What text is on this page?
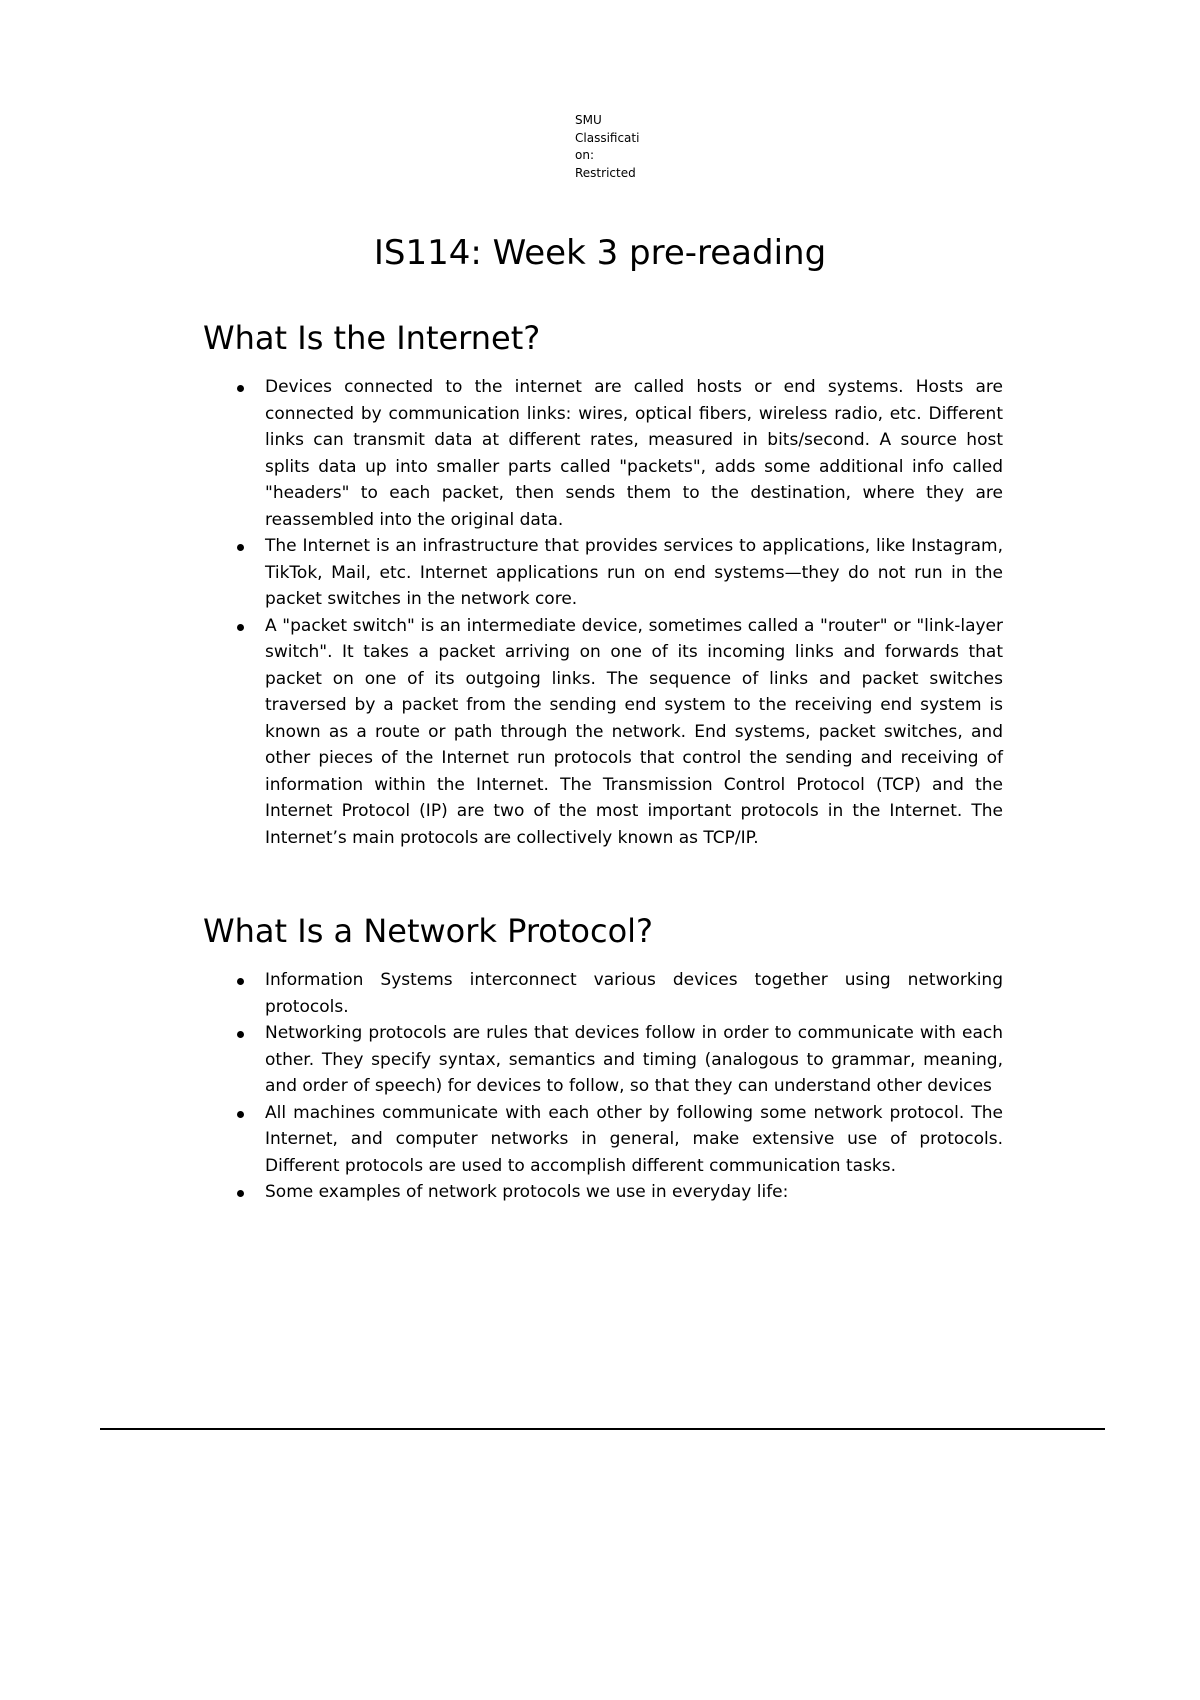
SMU
Classificati
on:
Restricted
IS114: Week 3 pre-reading
What Is the Internet?
Devices connected to the internet are called hosts or end systems. Hosts are connected by communication links: wires, optical fibers, wireless radio, etc. Different links can transmit data at different rates, measured in bits/second. A source host splits data up into smaller parts called "packets", adds some additional info called "headers" to each packet, then sends them to the destination, where they are reassembled into the original data.
The Internet is an infrastructure that provides services to applications, like Instagram, TikTok, Mail, etc. Internet applications run on end systems—they do not run in the packet switches in the network core.
A "packet switch" is an intermediate device, sometimes called a "router" or "link-layer switch". It takes a packet arriving on one of its incoming links and forwards that packet on one of its outgoing links. The sequence of links and packet switches traversed by a packet from the sending end system to the receiving end system is known as a route or path through the network. End systems, packet switches, and other pieces of the Internet run protocols that control the sending and receiving of information within the Internet. The Transmission Control Protocol (TCP) and the Internet Protocol (IP) are two of the most important protocols in the Internet. The Internet’s main protocols are collectively known as TCP/IP.
What Is a Network Protocol?
Information Systems interconnect various devices together using networking protocols.
Networking protocols are rules that devices follow in order to communicate with each other. They specify syntax, semantics and timing (analogous to grammar, meaning, and order of speech) for devices to follow, so that they can understand other devices
All machines communicate with each other by following some network protocol. The Internet, and computer networks in general, make extensive use of protocols. Different protocols are used to accomplish different communication tasks.
Some examples of network protocols we use in everyday life:
